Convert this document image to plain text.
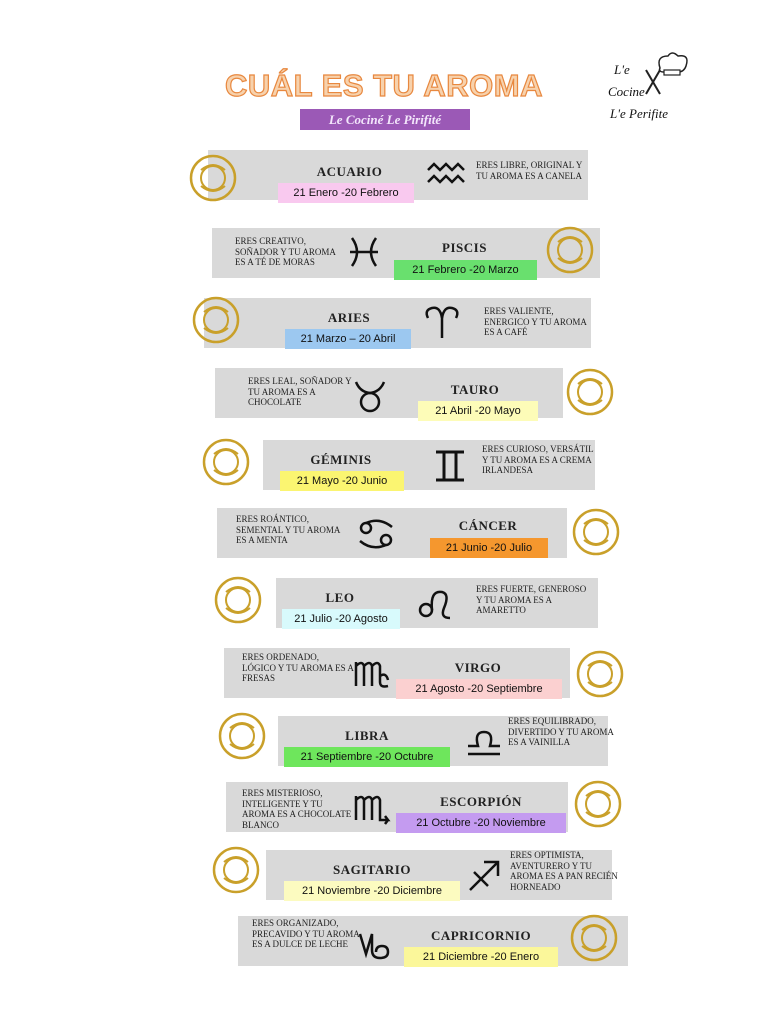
CUÁL ES TU AROMA
Le Cociné Le Pirifité
L'e
Cocine
L'e Perifite
ACUARIO
21 Enero -20 Febrero
ERES LIBRE, ORIGINAL Y TU AROMA ES A CANELA
PISCIS
21 Febrero -20 Marzo
ERES CREATIVO, SOÑADOR Y TU AROMA ES A TÉ DE MORAS
ARIES
21 Marzo – 20 Abril
ERES VALIENTE, ENERGICO Y TU AROMA ES A CAFÉ
TAURO
21 Abril -20 Mayo
ERES LEAL, SOÑADOR Y TU AROMA ES A CHOCOLATE
GÉMINIS
21 Mayo -20 Junio
ERES CURIOSO, VERSÁTIL Y TU AROMA ES A CREMA IRLANDESA
CÁNCER
21 Junio -20 Julio
ERES ROÁNTICO, SEMENTAL Y TU AROMA ES A MENTA
LEO
21 Julio -20 Agosto
ERES FUERTE, GENEROSO Y TU AROMA ES A AMARETTO
VIRGO
21 Agosto -20 Septiembre
ERES ORDENADO, LÓGICO Y TU AROMA ES A FRESAS
LIBRA
21 Septiembre -20 Octubre
ERES EQUILIBRADO, DIVERTIDO Y TU AROMA ES A VAINILLA
ESCORPIÓN
21 Octubre -20 Noviembre
ERES MISTERIOSO, INTELIGENTE Y TU AROMA ES A CHOCOLATE BLANCO
SAGITARIO
21 Noviembre -20 Diciembre
ERES OPTIMISTA, AVENTURERO Y TU AROMA ES A PAN RECIÉN HORNEADO
CAPRICORNIO
21 Diciembre -20 Enero
ERES ORGANIZADO, PRECAVIDO Y TU AROMA ES A DULCE DE LECHE
